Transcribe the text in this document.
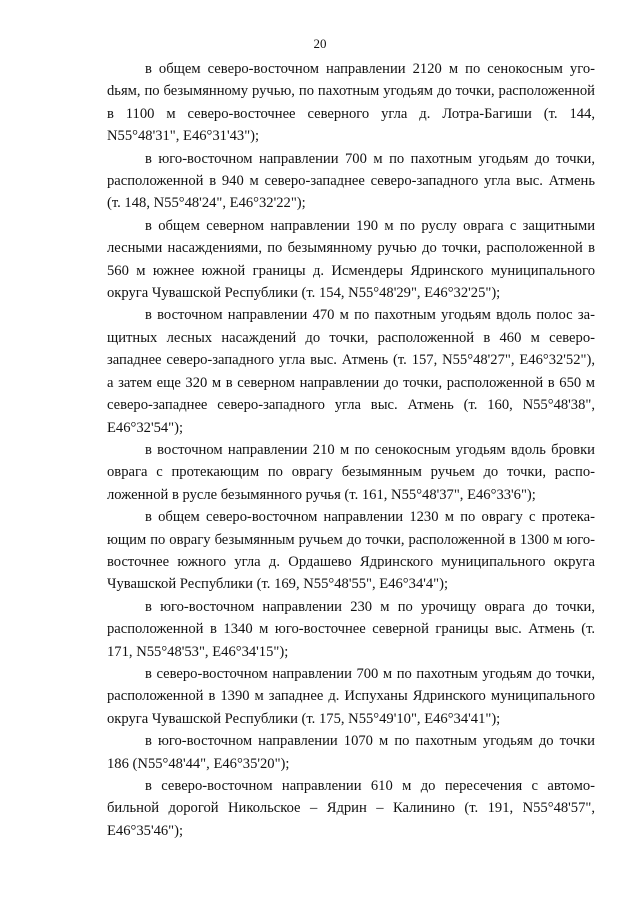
20

в общем северо-восточном направлении 2120 м по сенокосным угоdьям, по безымянному ручью, по пахотным угодьям до точки, расположенной в 1100 м северо-восточнее северного угла д. Лотра-Багиши (т. 144, N55°48'31", E46°31'43");

в юго-восточном направлении 700 м по пахотным угодьям до точки, расположенной в 940 м северо-западнее северо-западного угла выс. Атмень (т. 148, N55°48'24", E46°32'22");

в общем северном направлении 190 м по руслу оврага с защитными лесными насаждениями, по безымянному ручью до точки, расположенной в 560 м южнее южной границы д. Исмендеры Ядринского муниципального округа Чувашской Республики (т. 154, N55°48'29", E46°32'25");

в восточном направлении 470 м по пахотным угодьям вдоль полос защитных лесных насаждений до точки, расположенной в 460 м северо-западнее северо-западного угла выс. Атмень (т. 157, N55°48'27", E46°32'52"), а затем еще 320 м в северном направлении до точки, расположенной в 650 м северо-западнее северо-западного угла выс. Атмень (т. 160, N55°48'38", E46°32'54");

в восточном направлении 210 м по сенокосным угодьям вдоль бровки оврага с протекающим по оврагу безымянным ручьем до точки, расположенной в русле безымянного ручья (т. 161, N55°48'37", E46°33'6");

в общем северо-восточном направлении 1230 м по оврагу с протекающим по оврагу безымянным ручьем до точки, расположенной в 1300 м юго-восточнее южного угла д. Ордашево Ядринского муниципального округа Чувашской Республики (т. 169, N55°48'55", E46°34'4");

в юго-восточном направлении 230 м по урочищу оврага до точки, расположенной в 1340 м юго-восточнее северной границы выс. Атмень (т. 171, N55°48'53", E46°34'15");

в северо-восточном направлении 700 м по пахотным угодьям до точки, расположенной в 1390 м западнее д. Испуханы Ядринского муниципального округа Чувашской Республики (т. 175, N55°49'10", E46°34'41");

в юго-восточном направлении 1070 м по пахотным угодьям до точки 186 (N55°48'44", E46°35'20");

в северо-восточном направлении 610 м до пересечения с автомобильной дорогой Никольское – Ядрин – Калинино (т. 191, N55°48'57", E46°35'46");
